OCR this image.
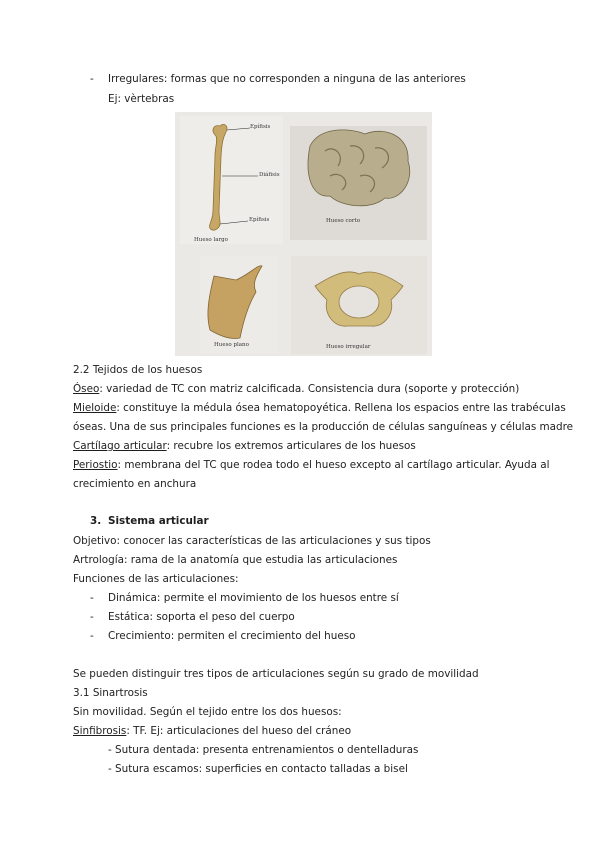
- Irregulares: formas que no corresponden a ninguna de las anteriores
Ej: vèrtebras
Epífisis
Diáfisis
Epífisis
Hueso largo
Hueso corto
Hueso plano	Hueso irregular
2.2 Tejidos de los huesos
Óseo: variedad de TC con matriz calcificada. Consistencia dura (soporte y protección)
Mieloide: constituye la médula ósea hematopoyética. Rellena los espacios entre las trabéculas
óseas. Una de sus principales funciones es la producción de células sanguíneas y células madre
Cartílago articular: recubre los extremos articulares de los huesos
Periostio: membrana del TC que rodea todo el hueso excepto al cartílago articular. Ayuda al
crecimiento en anchura
3. Sistema articular
Objetivo: conocer las características de las articulaciones y sus tipos
Artrología: rama de la anatomía que estudia las articulaciones
Funciones de las articulaciones:
- Dinámica: permite el movimiento de los huesos entre sí
- Estática: soporta el peso del cuerpo
- Crecimiento: permiten el crecimiento del hueso
Se pueden distinguir tres tipos de articulaciones según su grado de movilidad
3.1 Sinartrosis
Sin movilidad. Según el tejido entre los dos huesos:
Sinfibrosis: TF. Ej: articulaciones del hueso del cráneo
- Sutura dentada: presenta entrenamientos o dentelladuras
- Sutura escamos: superficies en contacto talladas a bisel
